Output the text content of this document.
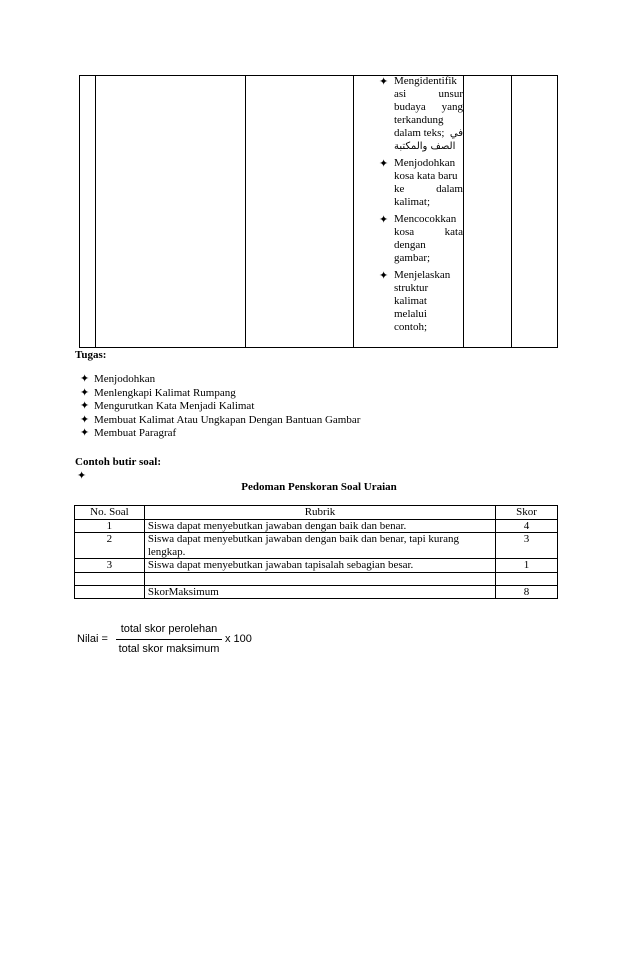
✦ Mengidentifik
asi	unsur
budaya yang
terkandung
dalam teks; في
الصف والمكتبة
✦ Menjodohkan
kosa kata baru
ke	dalam
kalimat;
✦ Mencocokkan
kosa	kata
dengan
gambar;
✦ Menjelaskan
struktur
kalimat
melalui
contoh;
Tugas:
✦ Menjodohkan
✦ Menlengkapi Kalimat Rumpang
✦ Mengurutkan Kata Menjadi Kalimat
✦ Membuat Kalimat Atau Ungkapan Dengan Bantuan Gambar
✦ Membuat Paragraf
Contoh butir soal:
✦
Pedoman Penskoran Soal Uraian
No. Soal	Rubrik	Skor
1	Siswa dapat menyebutkan jawaban dengan baik dan benar.	4
2	Siswa dapat menyebutkan jawaban dengan baik dan benar, tapi kurang lengkap.	3
3	Siswa dapat menyebutkan jawaban tapisalah sebagian besar.	1

	SkorMaksimum	8
Nilai =
total skor perolehan
total skor maksimum
x 100
